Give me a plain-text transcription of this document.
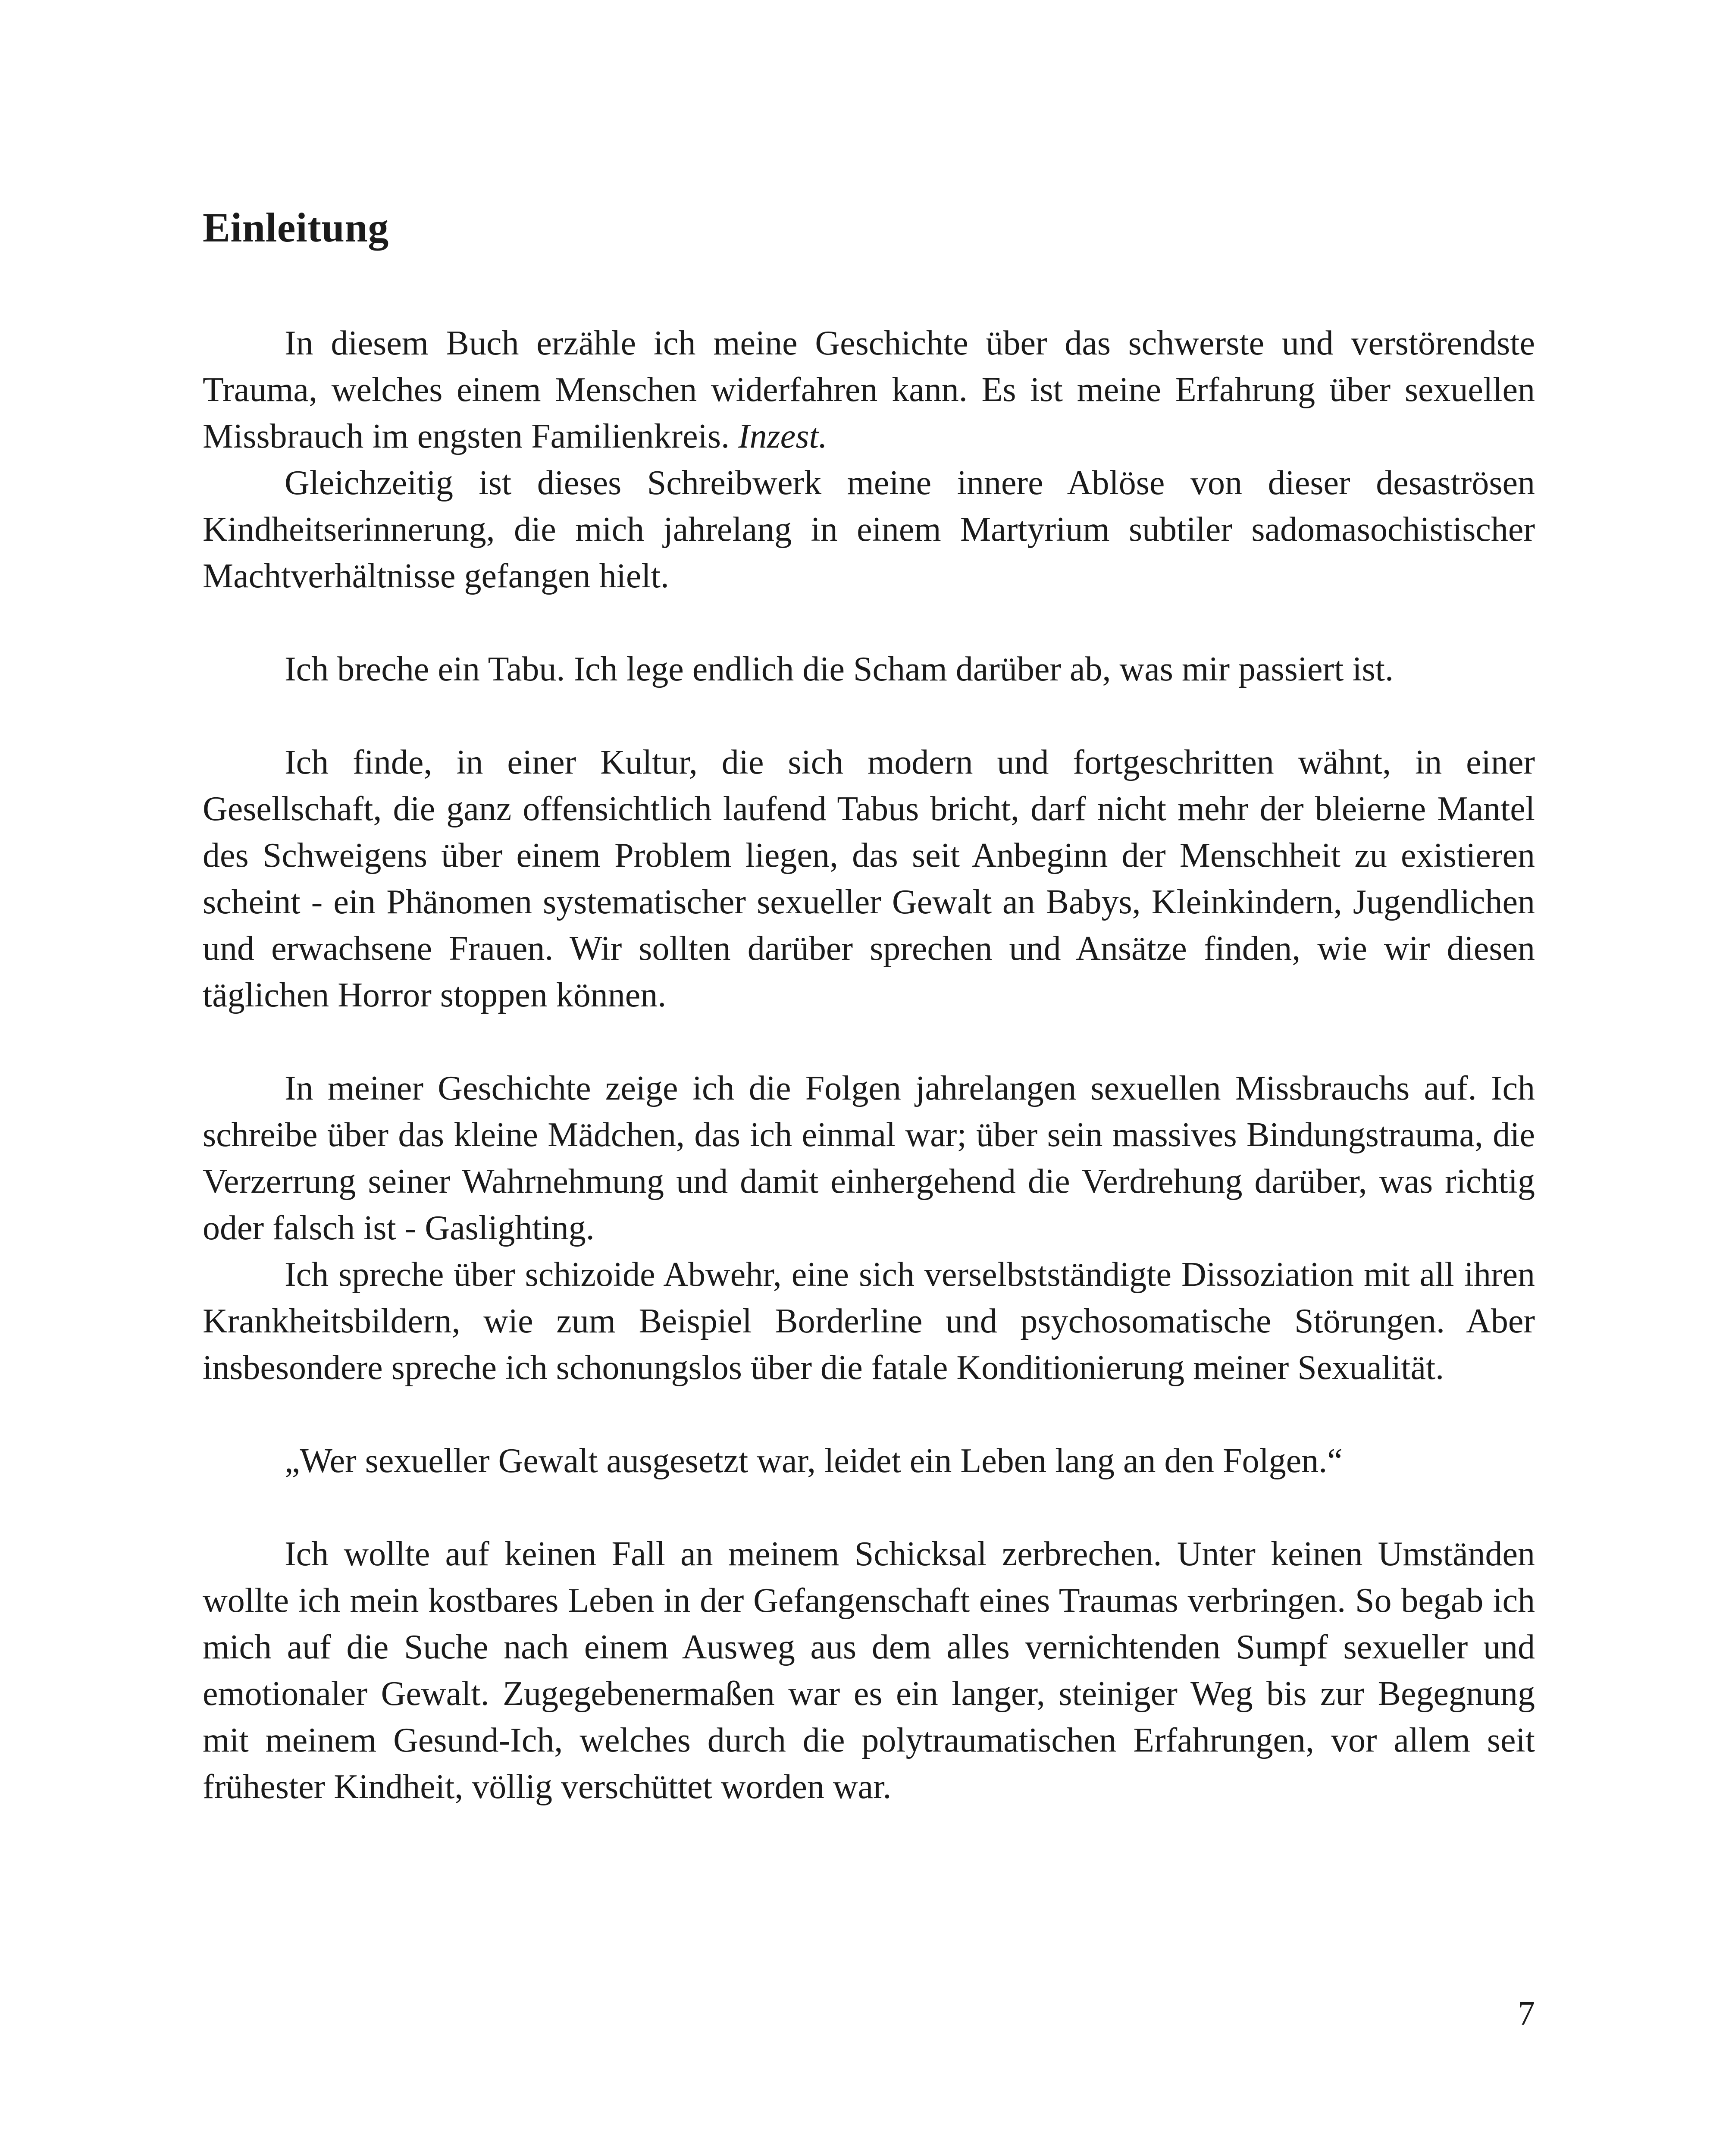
Einleitung

In diesem Buch erzähle ich meine Geschichte über das schwerste und verstörendste Trauma, welches einem Menschen widerfahren kann. Es ist meine Erfahrung über sexuellen Missbrauch im engsten Familienkreis. Inzest.

Gleichzeitig ist dieses Schreibwerk meine innere Ablöse von dieser desaströsen Kindheitserinnerung, die mich jahrelang in einem Martyrium subtiler sadomasochistischer Machtverhältnisse gefangen hielt.

Ich breche ein Tabu. Ich lege endlich die Scham darüber ab, was mir passiert ist.

Ich finde, in einer Kultur, die sich modern und fortgeschritten wähnt, in einer Gesellschaft, die ganz offensichtlich laufend Tabus bricht, darf nicht mehr der bleierne Mantel des Schweigens über einem Problem liegen, das seit Anbeginn der Menschheit zu existieren scheint - ein Phänomen systematischer sexueller Gewalt an Babys, Kleinkindern, Jugendlichen und erwachsene Frauen. Wir sollten darüber sprechen und Ansätze finden, wie wir diesen täglichen Horror stoppen können.

In meiner Geschichte zeige ich die Folgen jahrelangen sexuellen Missbrauchs auf. Ich schreibe über das kleine Mädchen, das ich einmal war; über sein massives Bindungstrauma, die Verzerrung seiner Wahrnehmung und damit einhergehend die Verdrehung darüber, was richtig oder falsch ist - Gaslighting.

Ich spreche über schizoide Abwehr, eine sich verselbstständigte Dissoziation mit all ihren Krankheitsbildern, wie zum Beispiel Borderline und psychosomatische Störungen. Aber insbesondere spreche ich schonungslos über die fatale Konditionierung meiner Sexualität.

„Wer sexueller Gewalt ausgesetzt war, leidet ein Leben lang an den Folgen.“

Ich wollte auf keinen Fall an meinem Schicksal zerbrechen. Unter keinen Umständen wollte ich mein kostbares Leben in der Gefangenschaft eines Traumas verbringen. So begab ich mich auf die Suche nach einem Ausweg aus dem alles vernichtenden Sumpf sexueller und emotionaler Gewalt. Zugegebenermaßen war es ein langer, steiniger Weg bis zur Begegnung mit meinem Gesund-Ich, welches durch die polytraumatischen Erfahrungen, vor allem seit frühester Kindheit, völlig verschüttet worden war.

7
